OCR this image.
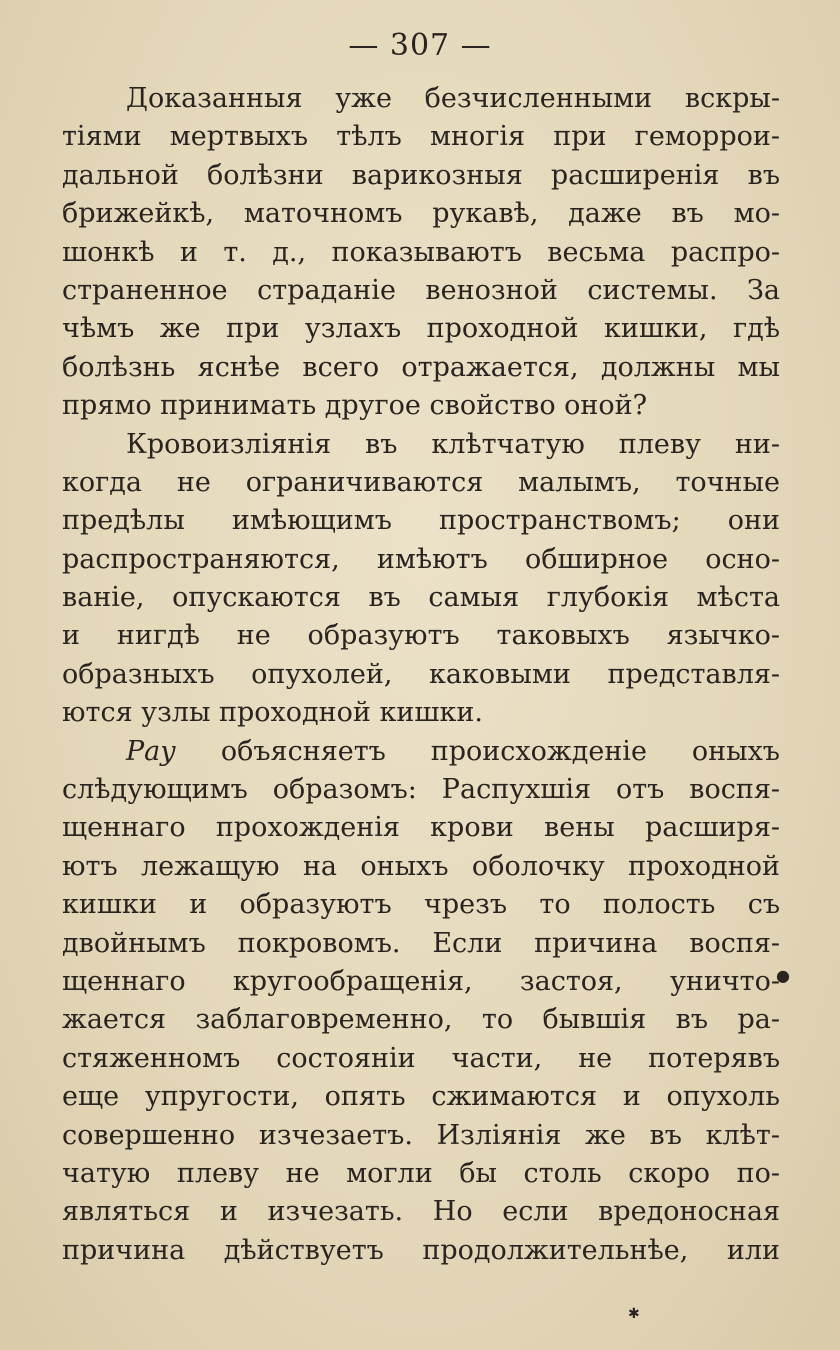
— 307 —
Доказанныя уже безчисленными вскры-
тіями мертвыхъ тѣлъ многія при геморрои-
дальной болѣзни варикозныя расширенія въ
брижейкѣ, маточномъ рукавѣ, даже въ мо-
шонкѣ и т. д., показываютъ весьма распро-
страненное страданіе венозной системы. За
чѣмъ же при узлахъ проходной кишки, гдѣ
болѣзнь яснѣе всего отражается, должны мы
прямо принимать другое свойство оной?
Кровоизліянія въ клѣтчатую плеву ни-
когда не ограничиваются малымъ, точные
предѣлы имѣющимъ пространствомъ; они
распространяются, имѣютъ обширное осно-
ваніе, опускаются въ самыя глубокія мѣста
и нигдѣ не образуютъ таковыхъ язычко-
образныхъ опухолей, каковыми представля-
ются узлы проходной кишки.
Рау объясняетъ происхожденіе оныхъ
слѣдующимъ образомъ: Распухшія отъ воспя-
щеннаго прохожденія крови вены расширя-
ютъ лежащую на оныхъ оболочку проходной
кишки и образуютъ чрезъ то полость съ
двойнымъ покровомъ. Если причина воспя-
щеннаго кругообращенія, застоя, уничто-
жается заблаговременно, то бывшія въ ра-
стяженномъ состояніи части, не потерявъ
еще упругости, опять сжимаются и опухоль
совершенно изчезаетъ. Изліянія же въ клѣт-
чатую плеву не могли бы столь скоро по-
являться и изчезать. Но если вредоносная
причина дѣйствуетъ продолжительнѣе, или
●
✱
